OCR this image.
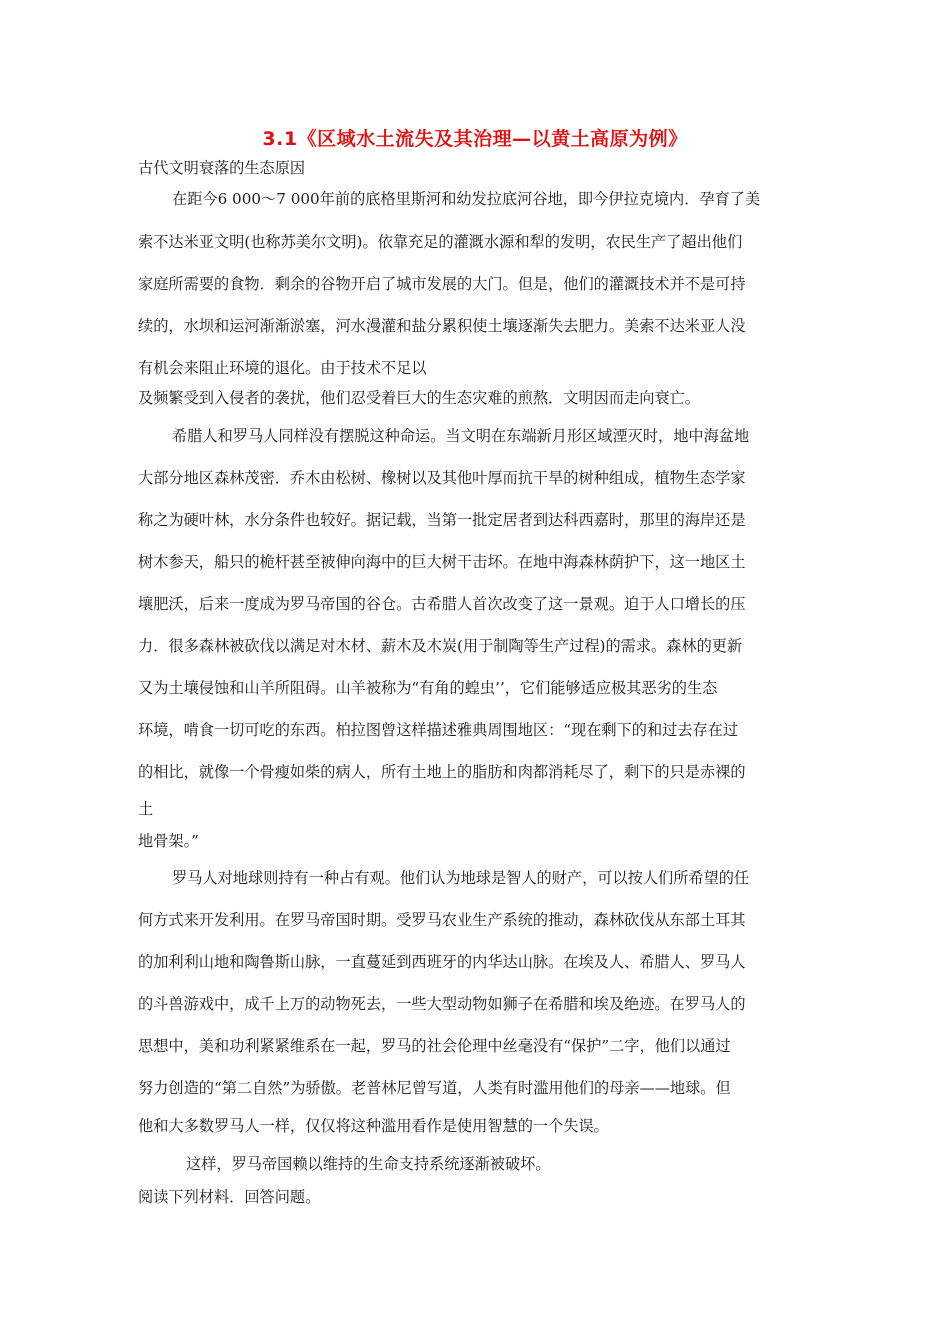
3.1《区域水土流失及其治理—以黄土高原为例》
古代文明衰落的生态原因
在距今6 000～7 000年前的底格里斯河和幼发拉底河谷地，即今伊拉克境内．孕育了美
索不达米亚文明(也称苏美尔文明)。依靠充足的灌溉水源和犁的发明，农民生产了超出他们
家庭所需要的食物．剩余的谷物开启了城市发展的大门。但是，他们的灌溉技术并不是可持
续的，水坝和运河渐渐淤塞，河水漫灌和盐分累积使土壤逐渐失去肥力。美索不达米亚人没
有机会来阻止环境的退化。由于技术不足以
及频繁受到入侵者的袭扰，他们忍受着巨大的生态灾难的煎熬．文明因而走向衰亡。
希腊人和罗马人同样没有摆脱这种命运。当文明在东端新月形区域湮灭时，地中海盆地
大部分地区森林茂密．乔木由松树、橡树以及其他叶厚而抗干旱的树种组成，植物生态学家
称之为硬叶林，水分条件也较好。据记载，当第一批定居者到达科西嘉时，那里的海岸还是
树木参天，船只的桅杆甚至被伸向海中的巨大树干击坏。在地中海森林荫护下，这一地区土
壤肥沃，后来一度成为罗马帝国的谷仓。古希腊人首次改变了这一景观。迫于人口增长的压
力．很多森林被砍伐以满足对木材、薪木及木炭(用于制陶等生产过程)的需求。森林的更新
又为土壤侵蚀和山羊所阻碍。山羊被称为“有角的蝗虫’’，它们能够适应极其恶劣的生态
环境，啃食一切可吃的东西。柏拉图曾这样描述雅典周围地区：“现在剩下的和过去存在过
的相比，就像一个骨瘦如柴的病人，所有土地上的脂肪和肉都消耗尽了，剩下的只是赤裸的
土
地骨架。”
罗马人对地球则持有一种占有观。他们认为地球是智人的财产，可以按人们所希望的任
何方式来开发利用。在罗马帝国时期。受罗马农业生产系统的推动，森林砍伐从东部土耳其
的加利利山地和陶鲁斯山脉，一直蔓延到西班牙的内华达山脉。在埃及人、希腊人、罗马人
的斗兽游戏中，成千上万的动物死去，一些大型动物如狮子在希腊和埃及绝迹。在罗马人的
思想中，美和功利紧紧维系在一起，罗马的社会伦理中丝毫没有“保护”二字，他们以通过
努力创造的“第二自然”为骄傲。老普林尼曾写道，人类有时滥用他们的母亲——地球。但
他和大多数罗马人一样，仅仅将这种滥用看作是使用智慧的一个失误。
这样，罗马帝国赖以维持的生命支持系统逐渐被破坏。
阅读下列材料．回答问题。
